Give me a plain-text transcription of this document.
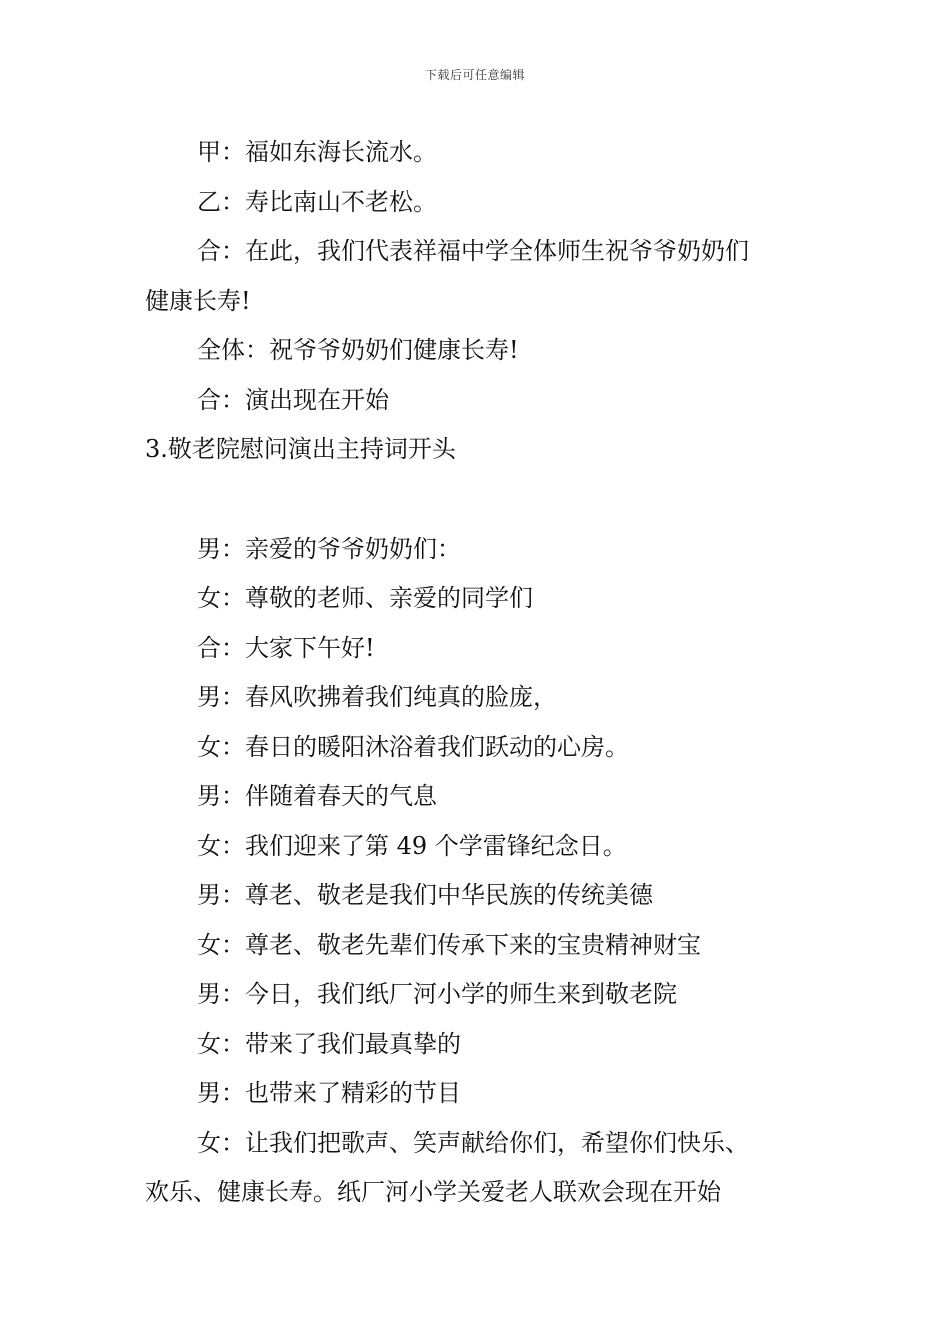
下载后可任意编辑

甲：福如东海长流水。

乙：寿比南山不老松。

合：在此，我们代表祥福中学全体师生祝爷爷奶奶们

健康长寿!

全体：祝爷爷奶奶们健康长寿!

合：演出现在开始

3.敬老院慰问演出主持词开头

男：亲爱的爷爷奶奶们：

女：尊敬的老师、亲爱的同学们

合：大家下午好!

男：春风吹拂着我们纯真的脸庞，

女：春日的暖阳沐浴着我们跃动的心房。

男：伴随着春天的气息

女：我们迎来了第 49 个学雷锋纪念日。

男：尊老、敬老是我们中华民族的传统美德

女：尊老、敬老先辈们传承下来的宝贵精神财宝

男：今日，我们纸厂河小学的师生来到敬老院

女：带来了我们最真挚的

男：也带来了精彩的节目

女：让我们把歌声、笑声献给你们，希望你们快乐、

欢乐、健康长寿。纸厂河小学关爱老人联欢会现在开始
